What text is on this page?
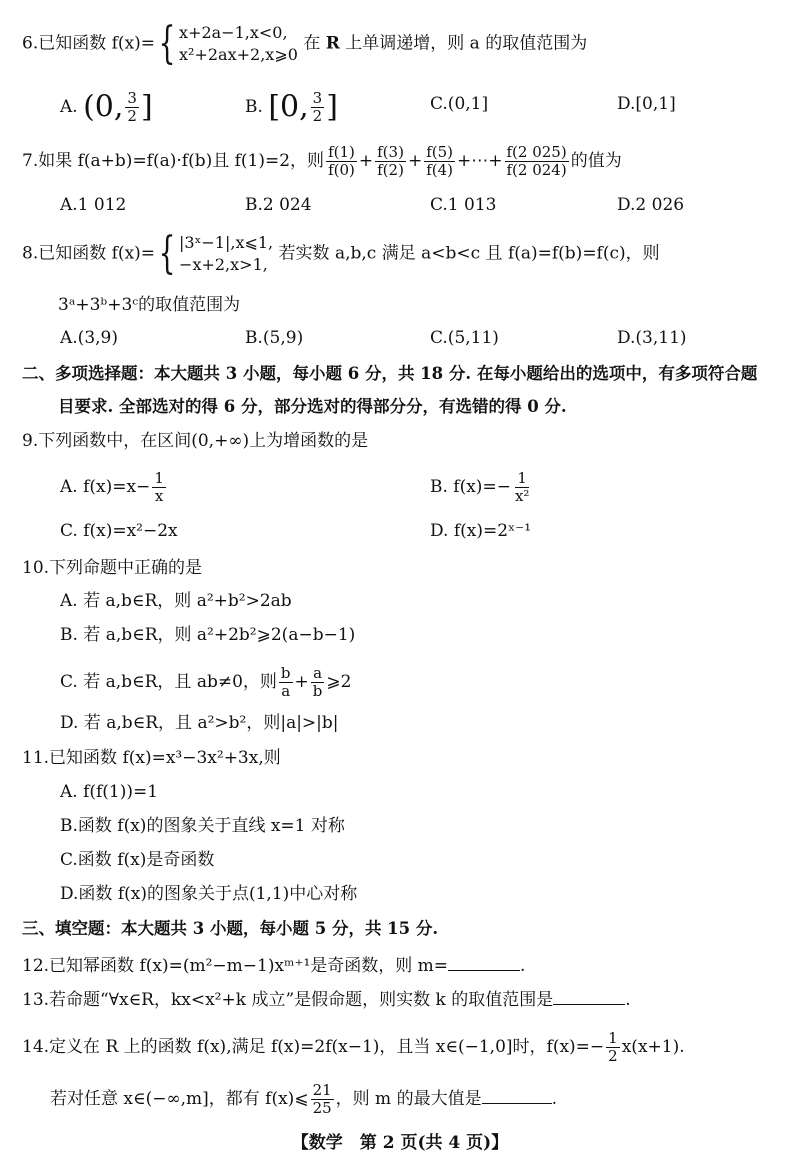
6.已知函数 f(x)={ x+2a−1,x<0,
x²+2ax+2,x⩾0
在 R 上单调递增，则 a 的取值范围为
A. (0, $\frac{3}{2}$ ]	B. [0, $\frac{3}{2}$ ]	C.(0,1]	D.[0,1]
7.如果 f(a+b)=f(a)·f(b)且 f(1)=2，则 $\frac{f(1)}{f(0)} + \frac{f(3)}{f(2)} + \frac{f(5)}{f(4)}$ +⋯+ $\frac{f(2 025)}{f(2 024)}$ 的值为
A.1 012	B.2 024	C.1 013	D.2 026
8.已知函数 f(x)={ |3ˣ−1|,x⩽1,
−x+2,x>1,
若实数 a,b,c 满足 a<b<c 且 f(a)=f(b)=f(c)，则
3ᵃ+3ᵇ+3ᶜ的取值范围为
A.(3,9)	B.(5,9)	C.(5,11)	D.(3,11)
二、多项选择题：本大题共 3 小题，每小题 6 分，共 18 分. 在每小题给出的选项中，有多项符合题
目要求. 全部选对的得 6 分，部分选对的得部分分，有选错的得 0 分.
9.下列函数中，在区间(0,+∞)上为增函数的是
A. $f(x)=x- \frac{1}{x}$	B. $f(x)=- \frac{1}{\text{x²}}$
C. f(x)=x²−2x	D. f(x)=2ˣ⁻¹
10.下列命题中正确的是
A. 若 a,b∈R，则 a²+b²>2ab
B. 若 a,b∈R，则 a²+2b²⩾2(a−b−1)
C. 若 a,b∈R，且 ab≠0，则 $\frac{b}{a} + \frac{a}{b}$ ⩾2
D. 若 a,b∈R，且 a²>b²，则|a|>|b|
11.已知函数 f(x)=x³−3x²+3x,则
A. f(f(1))=1
B.函数 f(x)的图象关于直线 x=1 对称
C.函数 f(x)是奇函数
D.函数 f(x)的图象关于点(1,1)中心对称
三、填空题：本大题共 3 小题，每小题 5 分，共 15 分.
12.已知幂函数 f(x)=(m²−m−1)xᵐ⁺¹是奇函数，则 m=	.
13.若命题“∀x∈R，kx<x²+k 成立”是假命题，则实数 k 的取值范围是	.
14.定义在 R 上的函数 f(x),满足 f(x)=2f(x−1)，且当 x∈(−1,0]时，$f(x)=- \frac{1}{2} x(x+1)$.
若对任意 x∈(−∞,m]，都有 f(x)⩽ $\frac{21}{25}$ ，则 m 的最大值是	.
【数学　第 2 页(共 4 页)】
